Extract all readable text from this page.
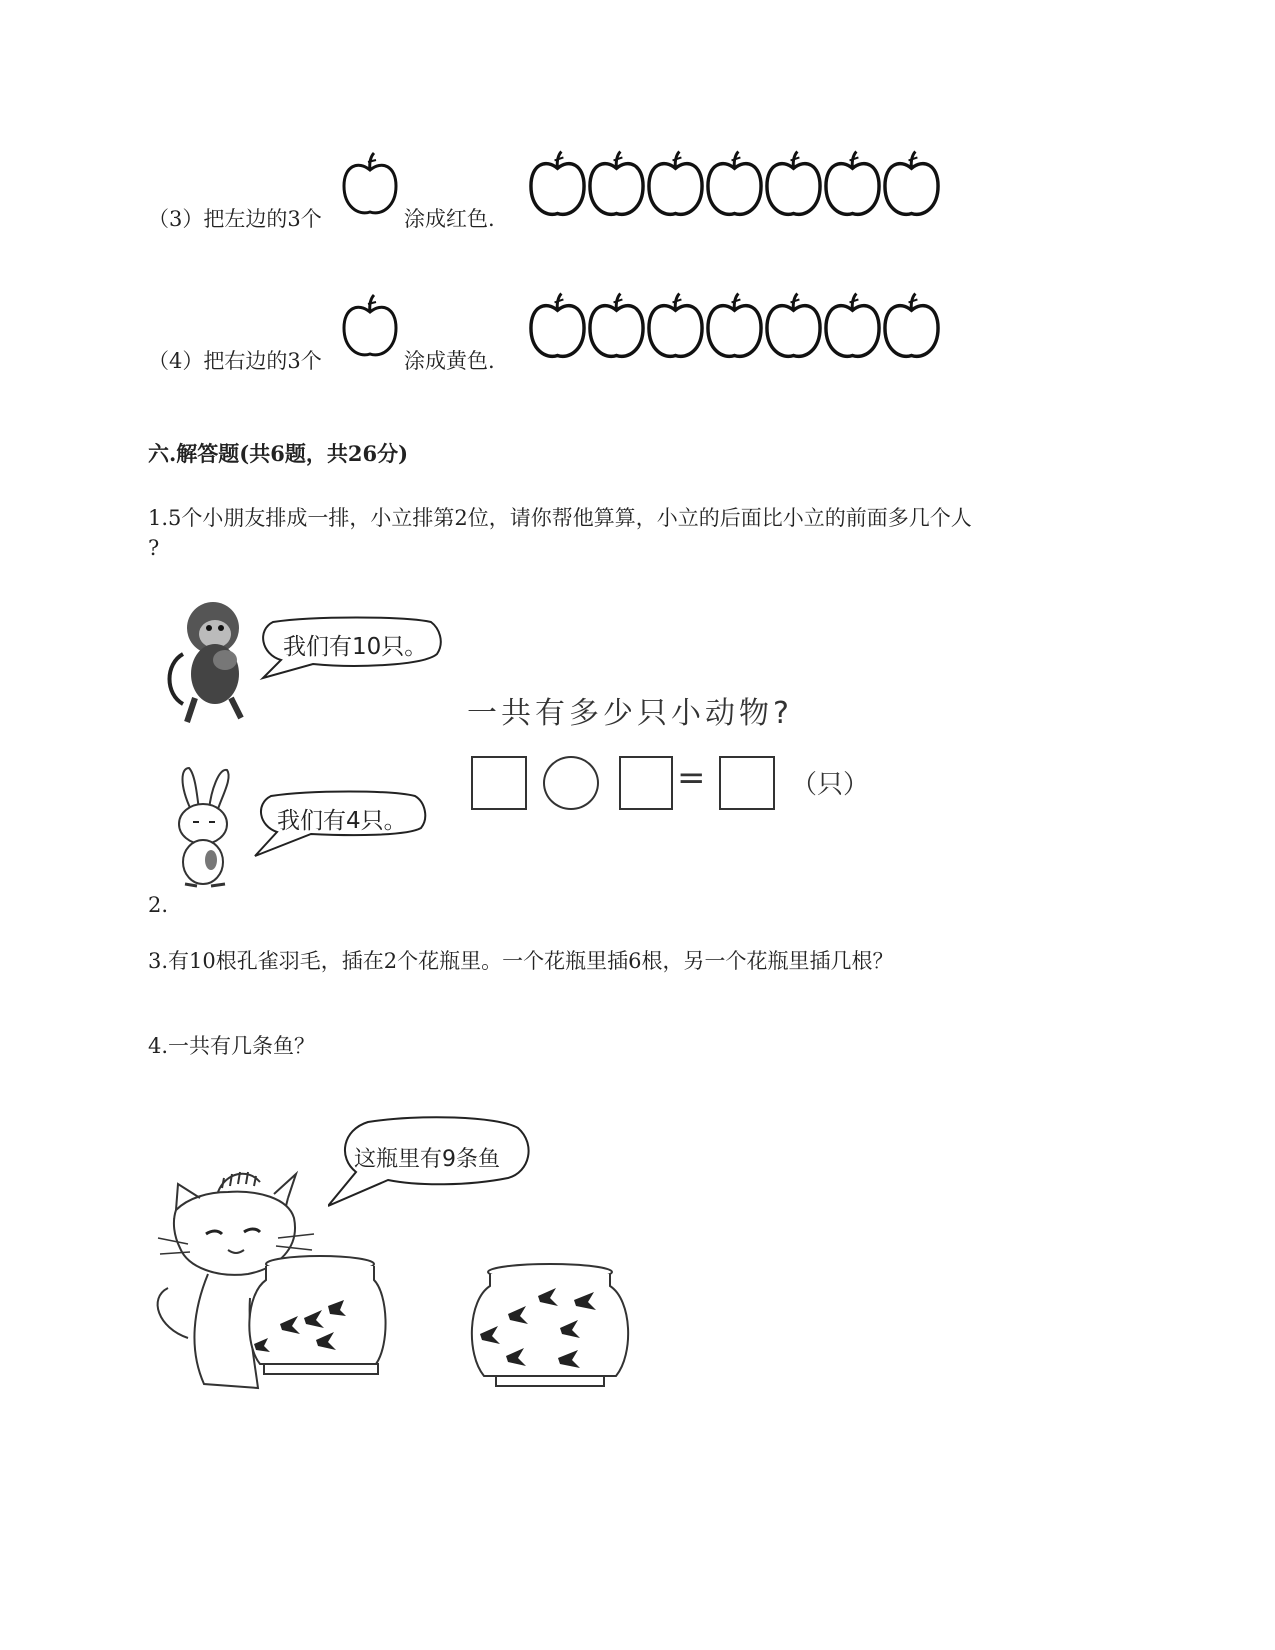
（3）把左边的3个	涂成红色.
（4）把右边的3个	涂成黄色.
六.解答题(共6题，共26分)
1.5个小朋友排成一排，小立排第2位，请你帮他算算，小立的后面比小立的前面多几个人
?
我们有10只。
我们有4只。
一共有多少只小动物?
=	（只）
2.
3.有10根孔雀羽毛，插在2个花瓶里。一个花瓶里插6根，另一个花瓶里插几根？
4.一共有几条鱼？
这瓶里有9条鱼
